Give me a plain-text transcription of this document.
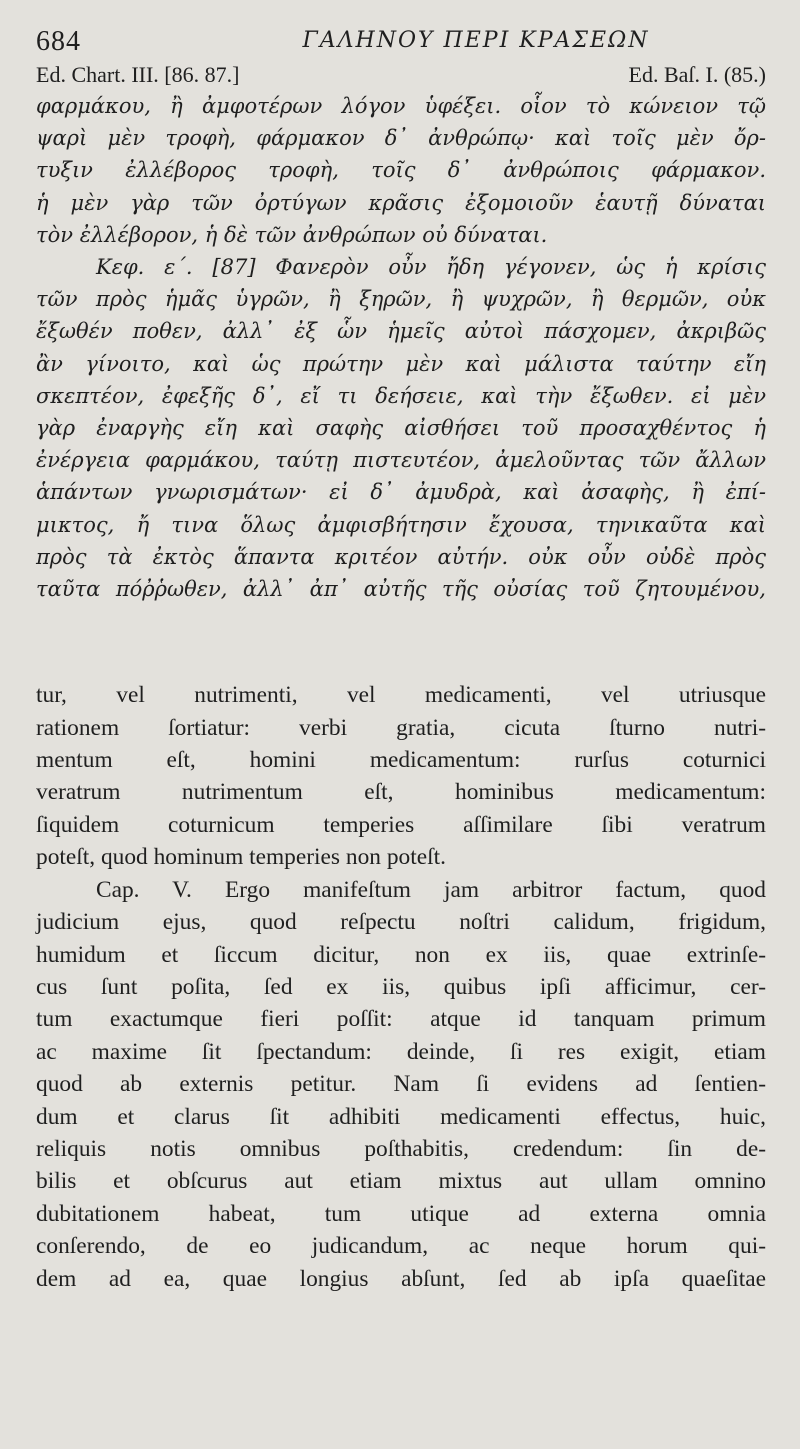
684	ΓΑΛΗΝΟΥ ΠΕΡΙ ΚΡΑΣΕΩΝ
Ed. Chart. III. [86. 87.]	Ed. Baſ. I. (85.)
φαρμάκου, ἢ ἀμφοτέρων λόγον ὑφέξει. οἷον τὸ κώνειον τῷ
ψαρὶ μὲν τροφὴ, φάρμακον δ᾽ ἀνθρώπῳ· καὶ τοῖς μὲν ὄρ-
τυξιν ἐλλέβορος τροφὴ, τοῖς δ᾽ ἀνθρώποις φάρμακον.
ἡ μὲν γὰρ τῶν ὀρτύγων κρᾶσις ἐξομοιοῦν ἑαυτῇ δύναται
τὸν ἐλλέβορον, ἡ δὲ τῶν ἀνθρώπων οὐ δύναται.
Κεφ. ε΄. [87] Φανερὸν οὖν ἤδη γέγονεν, ὡς ἡ κρίσις
τῶν πρὸς ἡμᾶς ὑγρῶν, ἢ ξηρῶν, ἢ ψυχρῶν, ἢ θερμῶν, οὐκ
ἔξωθέν ποθεν, ἀλλ᾽ ἐξ ὧν ἡμεῖς αὐτοὶ πάσχομεν, ἀκριβῶς
ἂν γίνοιτο, καὶ ὡς πρώτην μὲν καὶ μάλιστα ταύτην εἴη
σκεπτέον, ἐφεξῆς δ᾽, εἴ τι δεήσειε, καὶ τὴν ἔξωθεν. εἰ μὲν
γὰρ ἐναργὴς εἴη καὶ σαφὴς αἰσθήσει τοῦ προσαχθέντος ἡ
ἐνέργεια φαρμάκου, ταύτῃ πιστευτέον, ἀμελοῦντας τῶν ἄλλων
ἁπάντων γνωρισμάτων· εἰ δ᾽ ἀμυδρὰ, καὶ ἀσαφὴς, ἢ ἐπί-
μικτος, ἤ τινα ὅλως ἀμφισβήτησιν ἔχουσα, τηνικαῦτα καὶ
πρὸς τὰ ἐκτὸς ἅπαντα κριτέον αὐτήν. οὐκ οὖν οὐδὲ πρὸς
ταῦτα πόῤῥωθεν, ἀλλ᾽ ἀπ᾽ αὐτῆς τῆς οὐσίας τοῦ ζητουμένου,
tur, vel nutrimenti, vel medicamenti, vel utriusque
rationem ſortiatur: verbi gratia, cicuta ſturno nutri-
mentum eſt, homini medicamentum: rurſus coturnici
veratrum nutrimentum eſt, hominibus medicamentum:
ſiquidem coturnicum temperies aſſimilare ſibi veratrum
poteſt, quod hominum temperies non poteſt.
Cap. V. Ergo manifeſtum jam arbitror factum, quod
judicium ejus, quod reſpectu noſtri calidum, frigidum,
humidum et ſiccum dicitur, non ex iis, quae extrinſe-
cus ſunt poſita, ſed ex iis, quibus ipſi afficimur, cer-
tum exactumque fieri poſſit: atque id tanquam primum
ac maxime ſit ſpectandum: deinde, ſi res exigit, etiam
quod ab externis petitur. Nam ſi evidens ad ſentien-
dum et clarus ſit adhibiti medicamenti effectus, huic,
reliquis notis omnibus poſthabitis, credendum: ſin de-
bilis et obſcurus aut etiam mixtus aut ullam omnino
dubitationem habeat, tum utique ad externa omnia
conſerendo, de eo judicandum, ac neque horum qui-
dem ad ea, quae longius abſunt, ſed ab ipſa quaeſitae
